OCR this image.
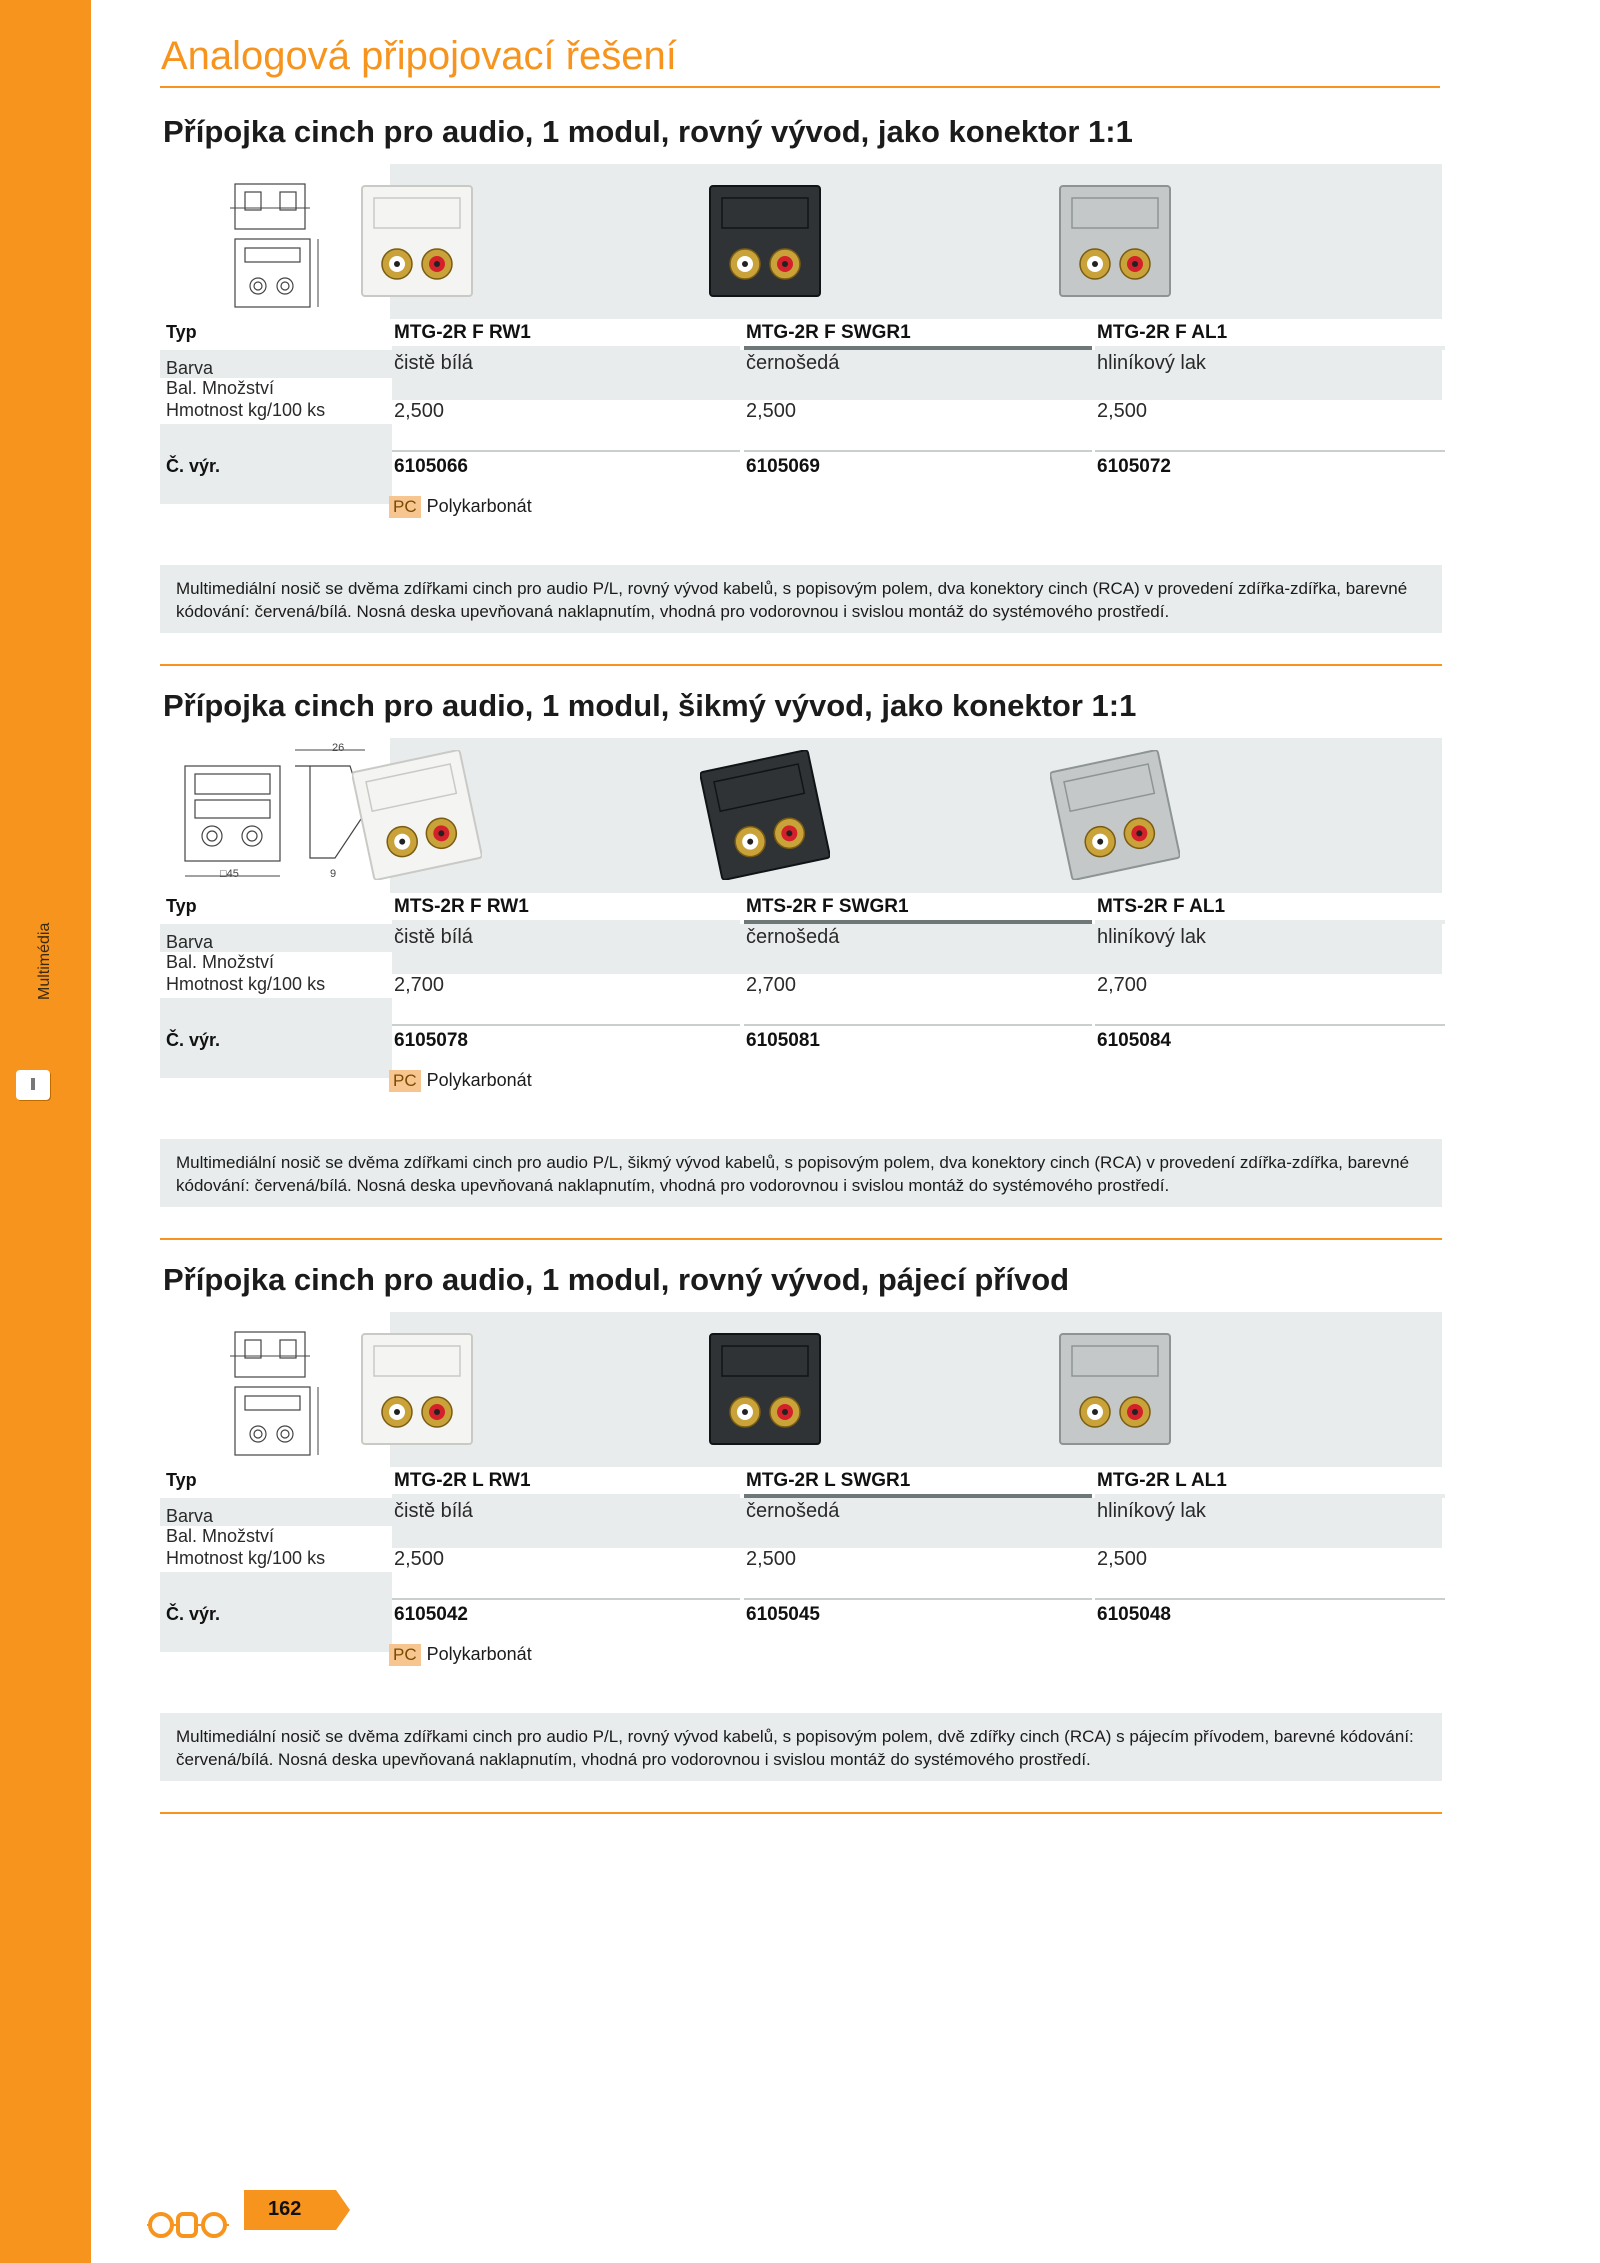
Multimédia
Analogová připojovací řešení
Přípojka cinch pro audio, 1 modul, rovný vývod, jako konektor 1:1
Typ	MTG-2R F RW1	MTG-2R F SWGR1	MTG-2R F AL1
Barva	čistě bílá	černošedá	hliníkový lak
Bal. Množství
Hmotnost kg/100 ks	2,500	2,500	2,500
Č. výr.	6105066	6105069	6105072
PC Polykarbonát

Multimediální nosič se dvěma zdířkami cinch pro audio P/L, rovný vývod kabelů, s popisovým polem, dva konektory cinch (RCA) v provedení zdířka-zdířka, barevné kódování: červená/bílá. Nosná deska upevňovaná naklapnutím, vhodná pro vodorovnou i svislou montáž do systémového prostředí.

Přípojka cinch pro audio, 1 modul, šikmý vývod, jako konektor 1:1
26
□45	9
Typ	MTS-2R F RW1	MTS-2R F SWGR1	MTS-2R F AL1
Barva	čistě bílá	černošedá	hliníkový lak
Bal. Množství
Hmotnost kg/100 ks	2,700	2,700	2,700
Č. výr.	6105078	6105081	6105084
PC Polykarbonát

Multimediální nosič se dvěma zdířkami cinch pro audio P/L, šikmý vývod kabelů, s popisovým polem, dva konektory cinch (RCA) v provedení zdířka-zdířka, barevné kódování: červená/bílá. Nosná deska upevňovaná naklapnutím, vhodná pro vodorovnou i svislou montáž do systémového prostředí.

Přípojka cinch pro audio, 1 modul, rovný vývod, pájecí přívod
Typ	MTG-2R L RW1	MTG-2R L SWGR1	MTG-2R L AL1
Barva	čistě bílá	černošedá	hliníkový lak
Bal. Množství
Hmotnost kg/100 ks	2,500	2,500	2,500
Č. výr.	6105042	6105045	6105048
PC Polykarbonát

Multimediální nosič se dvěma zdířkami cinch pro audio P/L, rovný vývod kabelů, s popisovým polem, dvě zdířky cinch (RCA) s pájecím přívodem, barevné kódování: červená/bílá. Nosná deska upevňovaná naklapnutím, vhodná pro vodorovnou i svislou montáž do systémového prostředí.

162
